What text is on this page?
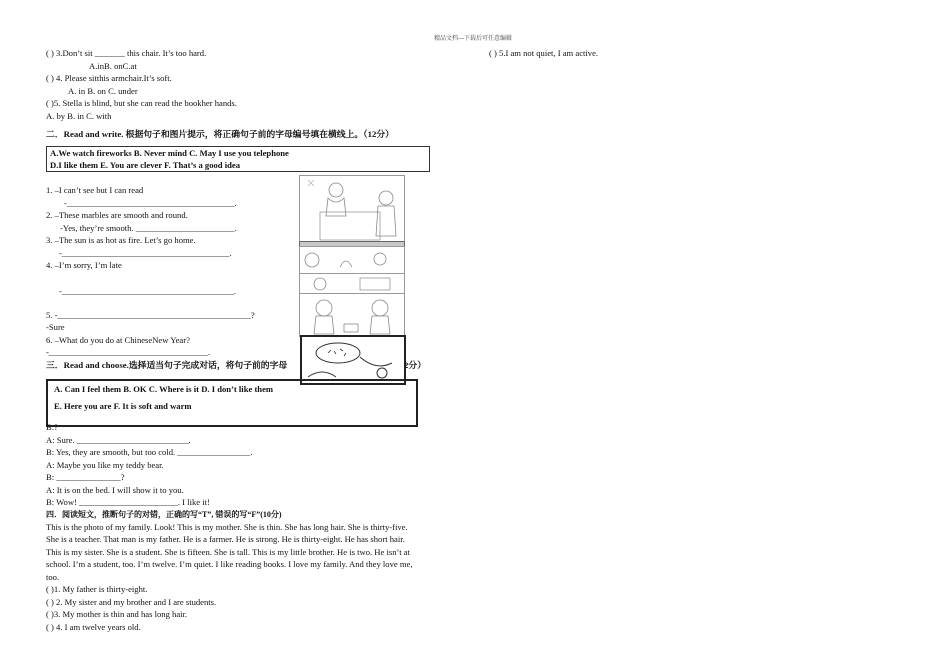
精品文档---下载后可任意编辑
( ) 5.I am not quiet, I am active.
( ) 3.Don’t sit _______ this chair. It’s too hard.
A.inB. onC.at
( ) 4. Please sitthis armchair.It’s soft.
A. in B. on C. under
( )5. Stella is blind, but she can read the bookher hands.
A. by B. in C. with
二．Read and write. 根据句子和图片提示，将正确句子前的字母编号填在横线上。（12分）
A.We watch fireworks B. Never mind C. May I use you telephone
D.I like them E. You are clever F. That’s a good idea
1. –I can’t see but I can read
-_______________________________________.
2. –These marbles are smooth and round.
-Yes, they’re smooth. _______________________.
3. –The sun is as hot as fire. Let’s go home.
-_______________________________________.
4. –I’m sorry, I’m late
-________________________________________.
5. -_____________________________________________?
-Sure
6. –What do you do at ChineseNew Year?
-_____________________________________.
三．Read and choose.选择适当句子完成对话，将句子前的字母	2分）
A. Can I feel them B. OK C. Where is it D. I don’t like them
E. Here you are F. It is soft and warm
B:?
A: Sure. __________________________.
B: Yes, they are smooth, but too cold. _________________.
A: Maybe you like my teddy bear.
B: _______________?
A: It is on the bed. I will show it to you.
B: Wow! _______________________. I like it!
四．阅读短文，推断句子的对错，正确的写“T”, 错误的写“F”(10分)
This is the photo of my family. Look! This is my mother. She is thin. She has long hair. She is thirty-five.
She is a teacher. That man is my father. He is a farmer. He is strong. He is thirty-eight. He has short hair.
This is my sister. She is a student. She is fifteen. She is tall. This is my little brother. He is two. He isn’t at
school. I’m a student, too. I’m twelve. I’m quiet. I like reading books. I love my family. And they love me,
too.
( )1. My father is thirty-eight.
( ) 2. My sister and my brother and I are students.
( )3. My mother is thin and has long hair.
( ) 4. I am twelve years old.
